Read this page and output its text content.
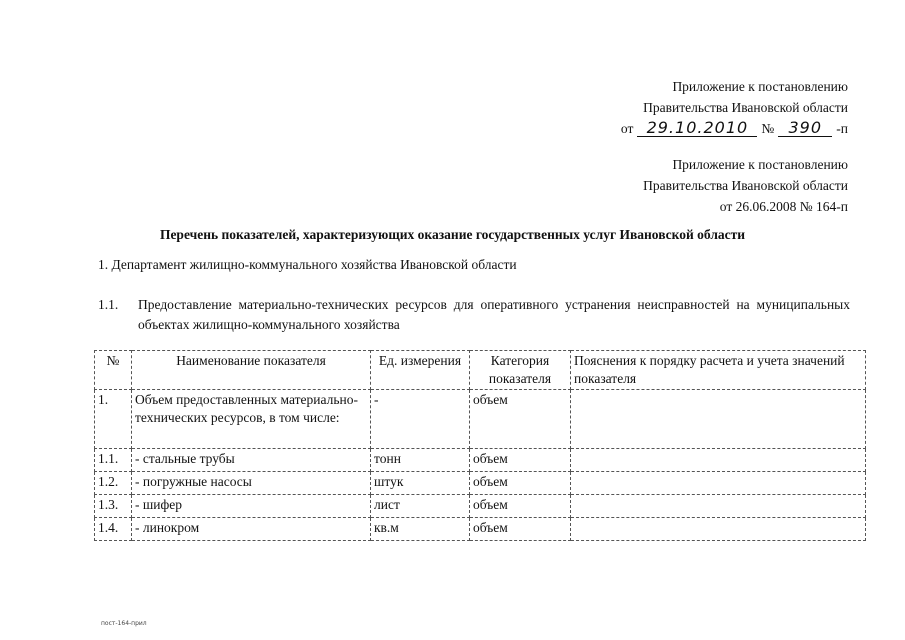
Приложение к постановлению
Правительства Ивановской области
от 29.10.2010 № 390	-п
Приложение к постановлению
Правительства Ивановской области
от 26.06.2008 № 164-п
Перечень показателей, характеризующих оказание государственных услуг Ивановской области
1. Департамент жилищно-коммунального хозяйства Ивановской области
1.1. Предоставление материально-технических ресурсов для оперативного устранения неисправностей на муниципальных объектах жилищно-коммунального хозяйства
№	Наименование показателя	Ед. измерения	Категория показателя	Пояснения к порядку расчета и учета значений показателя
1.	Объем предоставленных материально-технических ресурсов, в том числе:	-	объем	
1.1.	- стальные трубы	тонн	объем	
1.2.	- погружные насосы	штук	объем	
1.3.	- шифер	лист	объем	
1.4.	- линокром	кв.м	объем	
пост-164-прил
